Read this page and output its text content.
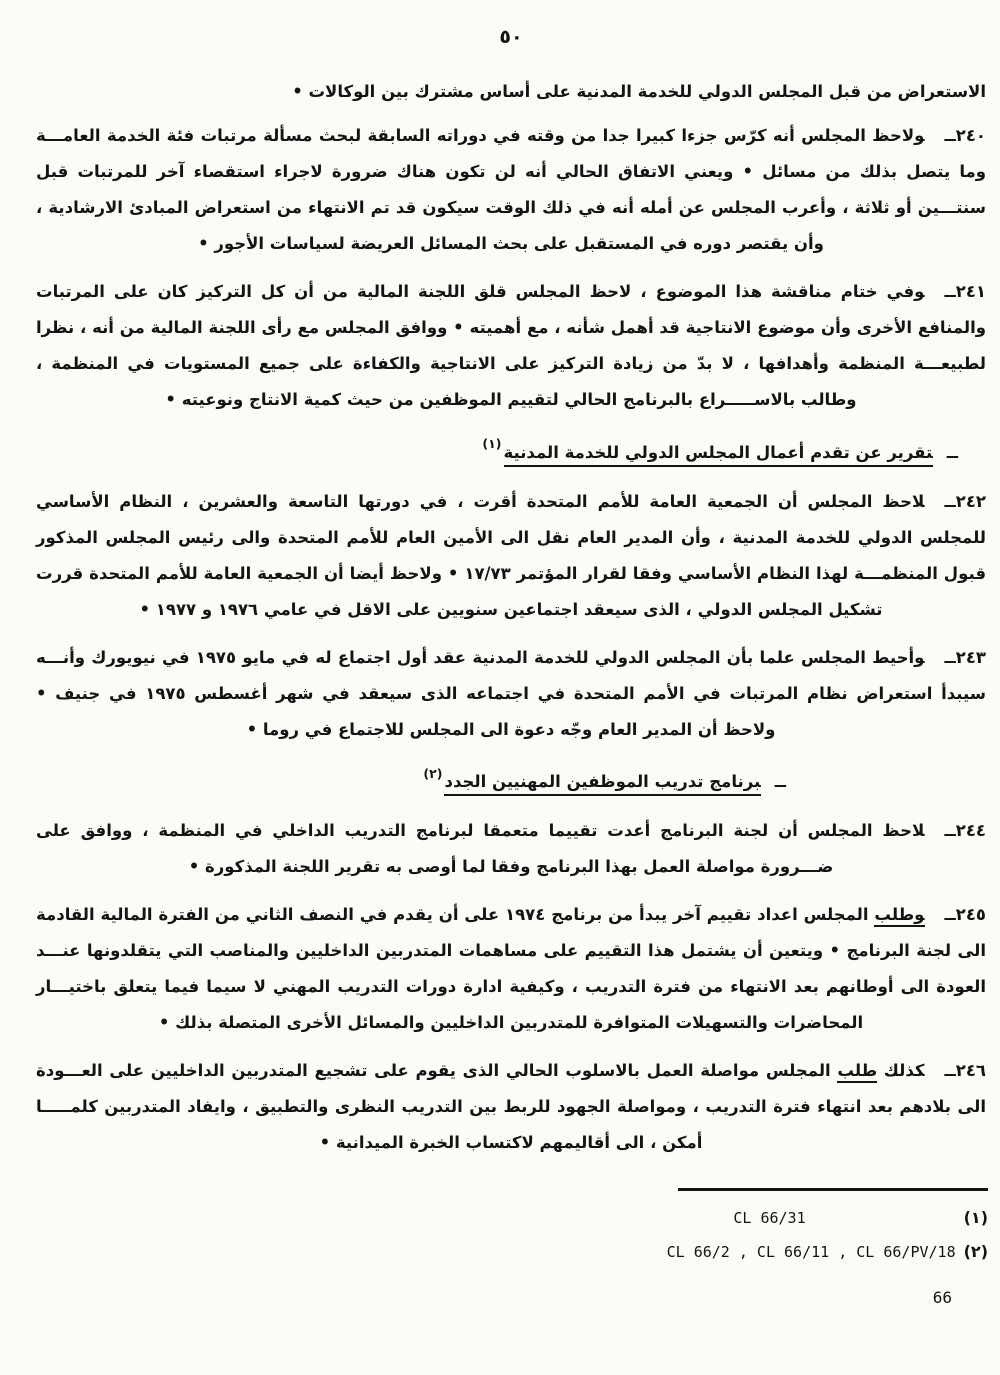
٥٠

الاستعراض من قبل المجلس الدولي للخدمة المدنية على أساس مشترك بين الوكالات •

٢٤٠ــولاحظ المجلس أنه كرّس جزءا كبيرا جدا من وقته في دوراته السابقة لبحث مسألة مرتبات فئة الخدمة العامـــة وما يتصل بذلك من مسائل • ويعني الاتفاق الحالي أنه لن تكون هناك ضرورة لاجراء استقصاء آخر للمرتبات قبل سنتـــين أو ثلاثة ، وأعرب المجلس عن أمله أنه في ذلك الوقت سيكون قد تم الانتهاء من استعراض المبادئ الارشادية ، وأن يقتصر دوره في المستقبل على بحث المسائل العريضة لسياسات الأجور •

٢٤١ــوفي ختام مناقشة هذا الموضوع ، لاحظ المجلس قلق اللجنة المالية من أن كل التركيز كان على المرتبات والمنافع الأخرى وأن موضوع الانتاجية قد أهمل شأنه ، مع أهميته • ووافق المجلس مع رأى اللجنة المالية من أنه ، نظرا لطبيعـــة المنظمة وأهدافها ، لا بدّ من زيادة التركيز على الانتاجية والكفاءة على جميع المستويات في المنظمة ، وطالب بالاســـــراع بالبرنامج الحالي لتقييم الموظفين من حيث كمية الانتاج ونوعيته •

ــتقرير عن تقدم أعمال المجلس الدولي للخدمة المدنية$^{(١)}$

٢٤٢ــلاحظ المجلس أن الجمعية العامة للأمم المتحدة أقرت ، في دورتها التاسعة والعشرين ، النظام الأساسي للمجلس الدولي للخدمة المدنية ، وأن المدير العام نقل الى الأمين العام للأمم المتحدة والى رئيس المجلس المذكور قبول المنظمـــة لهذا النظام الأساسي وفقا لقرار المؤتمر ١٧/٧٣ • ولاحظ أيضا أن الجمعية العامة للأمم المتحدة قررت تشكيل المجلس الدولي ، الذى سيعقد اجتماعين سنويين على الاقل في عامي ١٩٧٦ و ١٩٧٧ •

٢٤٣ــوأحيط المجلس علما بأن المجلس الدولي للخدمة المدنية عقد أول اجتماع له في مايو ١٩٧٥ في نيويورك وأنـــه سيبدأ استعراض نظام المرتبات في الأمم المتحدة في اجتماعه الذى سيعقد في شهر أغسطس ١٩٧٥ في جنيف • ولاحظ أن المدير العام وجّه دعوة الى المجلس للاجتماع في روما •

ــبرنامج تدريب الموظفين المهنيين الجدد$^{(٢)}$

٢٤٤ــلاحظ المجلس أن لجنة البرنامج أعدت تقييما متعمقا لبرنامج التدريب الداخلي في المنظمة ، ووافق على ضـــرورة مواصلة العمل بهذا البرنامج وفقا لما أوصى به تقرير اللجنة المذكورة •

٢٤٥ــوطلب المجلس اعداد تقييم آخر يبدأ من برنامج ١٩٧٤ على أن يقدم في النصف الثاني من الفترة المالية القادمة الى لجنة البرنامج • ويتعين أن يشتمل هذا التقييم على مساهمات المتدربين الداخليين والمناصب التي يتقلدونها عنـــد العودة الى أوطانهم بعد الانتهاء من فترة التدريب ، وكيفية ادارة دورات التدريب المهني لا سيما فيما يتعلق باختيـــار المحاضرات والتسهيلات المتوافرة للمتدربين الداخليين والمسائل الأخرى المتصلة بذلك •

٢٤٦ــكذلك طلب المجلس مواصلة العمل بالاسلوب الحالي الذى يقوم على تشجيع المتدربين الداخليين على العـــودة الى بلادهم بعد انتهاء فترة التدريب ، ومواصلة الجهود للربط بين التدريب النظرى والتطبيق ، وايفاد المتدربين كلمـــــا أمكن ، الى أقاليمهم لاكتساب الخبرة الميدانية •

(١)
CL 66/31
(٢)
CL 66/2 , CL 66/11 , CL 66/PV/18
66
